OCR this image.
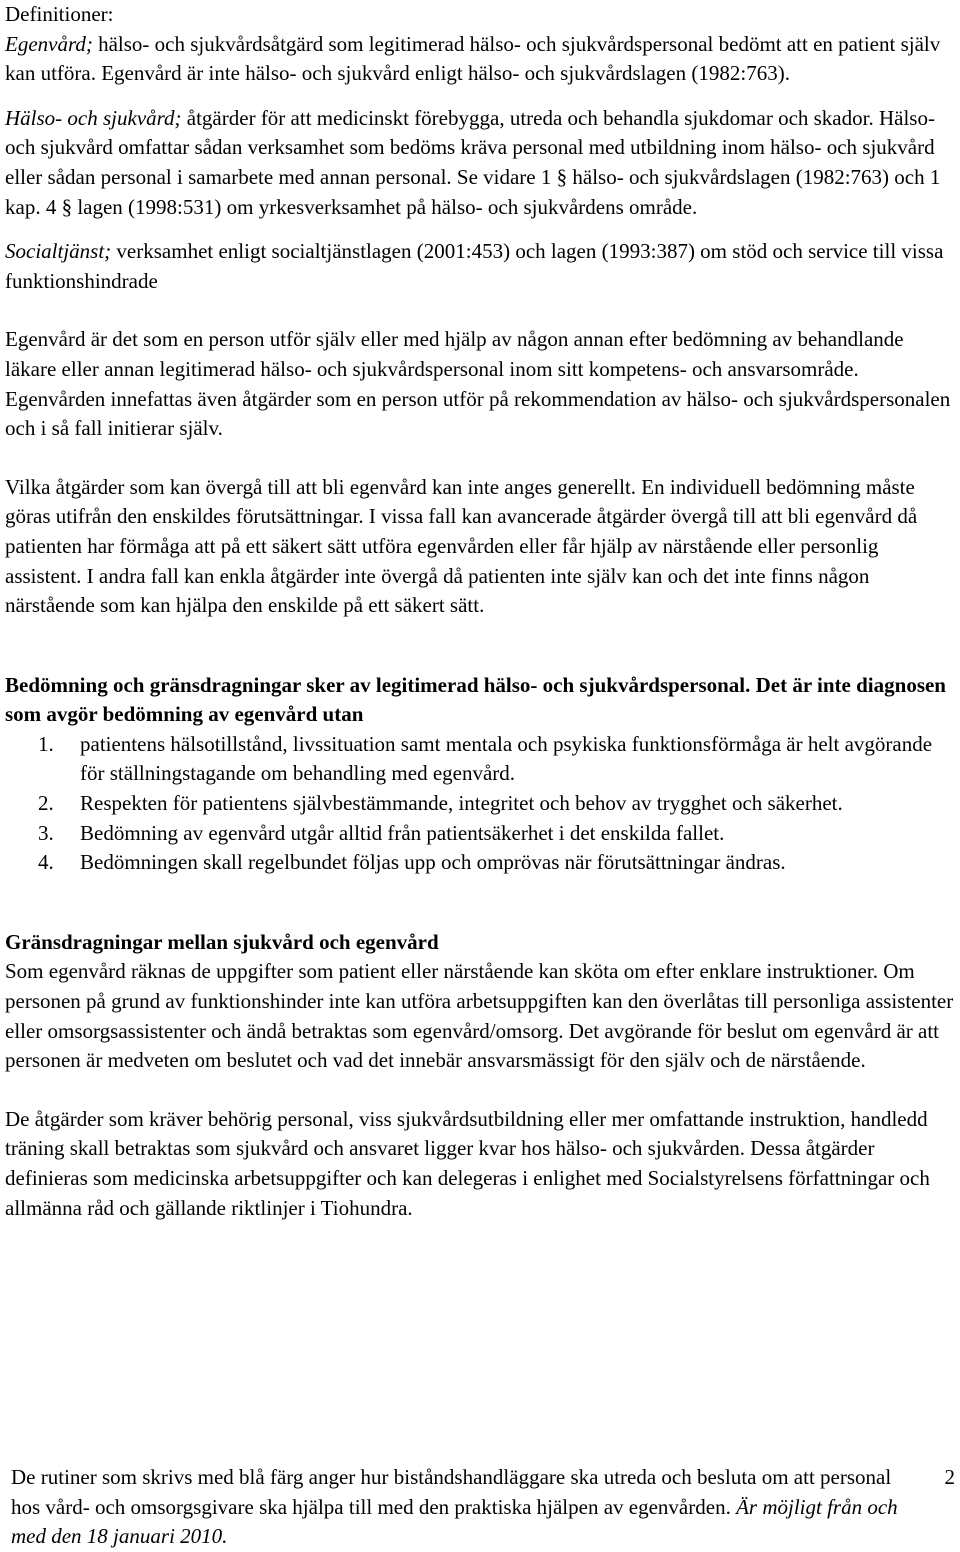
Definitioner:

Egenvård; hälso- och sjukvårdsåtgärd som legitimerad hälso- och sjukvårdspersonal bedömt att en patient själv kan utföra. Egenvård är inte hälso- och sjukvård enligt hälso- och sjukvårdslagen (1982:763).

Hälso- och sjukvård; åtgärder för att medicinskt förebygga, utreda och behandla sjukdomar och skador. Hälso- och sjukvård omfattar sådan verksamhet som bedöms kräva personal med utbildning inom hälso- och sjukvård eller sådan personal i samarbete med annan personal. Se vidare 1 § hälso- och sjukvårdslagen (1982:763) och 1 kap. 4 § lagen (1998:531) om yrkesverksamhet på hälso- och sjukvårdens område.

Socialtjänst; verksamhet enligt socialtjänstlagen (2001:453) och lagen (1993:387) om stöd och service till vissa funktionshindrade

Egenvård är det som en person utför själv eller med hjälp av någon annan efter bedömning av behandlande läkare eller annan legitimerad hälso- och sjukvårdspersonal inom sitt kompetens- och ansvarsområde. Egenvården innefattas även åtgärder som en person utför på rekommendation av hälso- och sjukvårdspersonalen och i så fall initierar själv.

Vilka åtgärder som kan övergå till att bli egenvård kan inte anges generellt. En individuell bedömning måste göras utifrån den enskildes förutsättningar. I vissa fall kan avancerade åtgärder övergå till att bli egenvård då patienten har förmåga att på ett säkert sätt utföra egenvården eller får hjälp av närstående eller personlig assistent. I andra fall kan enkla åtgärder inte övergå då patienten inte själv kan och det inte finns någon närstående som kan hjälpa den enskilde på ett säkert sätt.

Bedömning och gränsdragningar sker av legitimerad hälso- och sjukvårdspersonal. Det är inte diagnosen som avgör bedömning av egenvård utan

1. patientens hälsotillstånd, livssituation samt mentala och psykiska funktionsförmåga är helt avgörande för ställningstagande om behandling med egenvård.
2. Respekten för patientens självbestämmande, integritet och behov av trygghet och säkerhet.
3. Bedömning av egenvård utgår alltid från patientsäkerhet i det enskilda fallet.
4. Bedömningen skall regelbundet följas upp och omprövas när förutsättningar ändras.

Gränsdragningar mellan sjukvård och egenvård

Som egenvård räknas de uppgifter som patient eller närstående kan sköta om efter enklare instruktioner. Om personen på grund av funktionshinder inte kan utföra arbetsuppgiften kan den överlåtas till personliga assistenter eller omsorgsassistenter och ändå betraktas som egenvård/omsorg. Det avgörande för beslut om egenvård är att personen är medveten om beslutet och vad det innebär ansvarsmässigt för den själv och de närstående.

De åtgärder som kräver behörig personal, viss sjukvårdsutbildning eller mer omfattande instruktion, handledd träning skall betraktas som sjukvård och ansvaret ligger kvar hos hälso- och sjukvården. Dessa åtgärder definieras som medicinska arbetsuppgifter och kan delegeras i enlighet med Socialstyrelsens författningar och allmänna råd och gällande riktlinjer i Tiohundra.

De rutiner som skrivs med blå färg anger hur biståndshandläggare ska utreda och besluta om att personal hos vård- och omsorgsgivare ska hjälpa till med den praktiska hjälpen av egenvården. Är möjligt från och med den 18 januari 2010.

2
